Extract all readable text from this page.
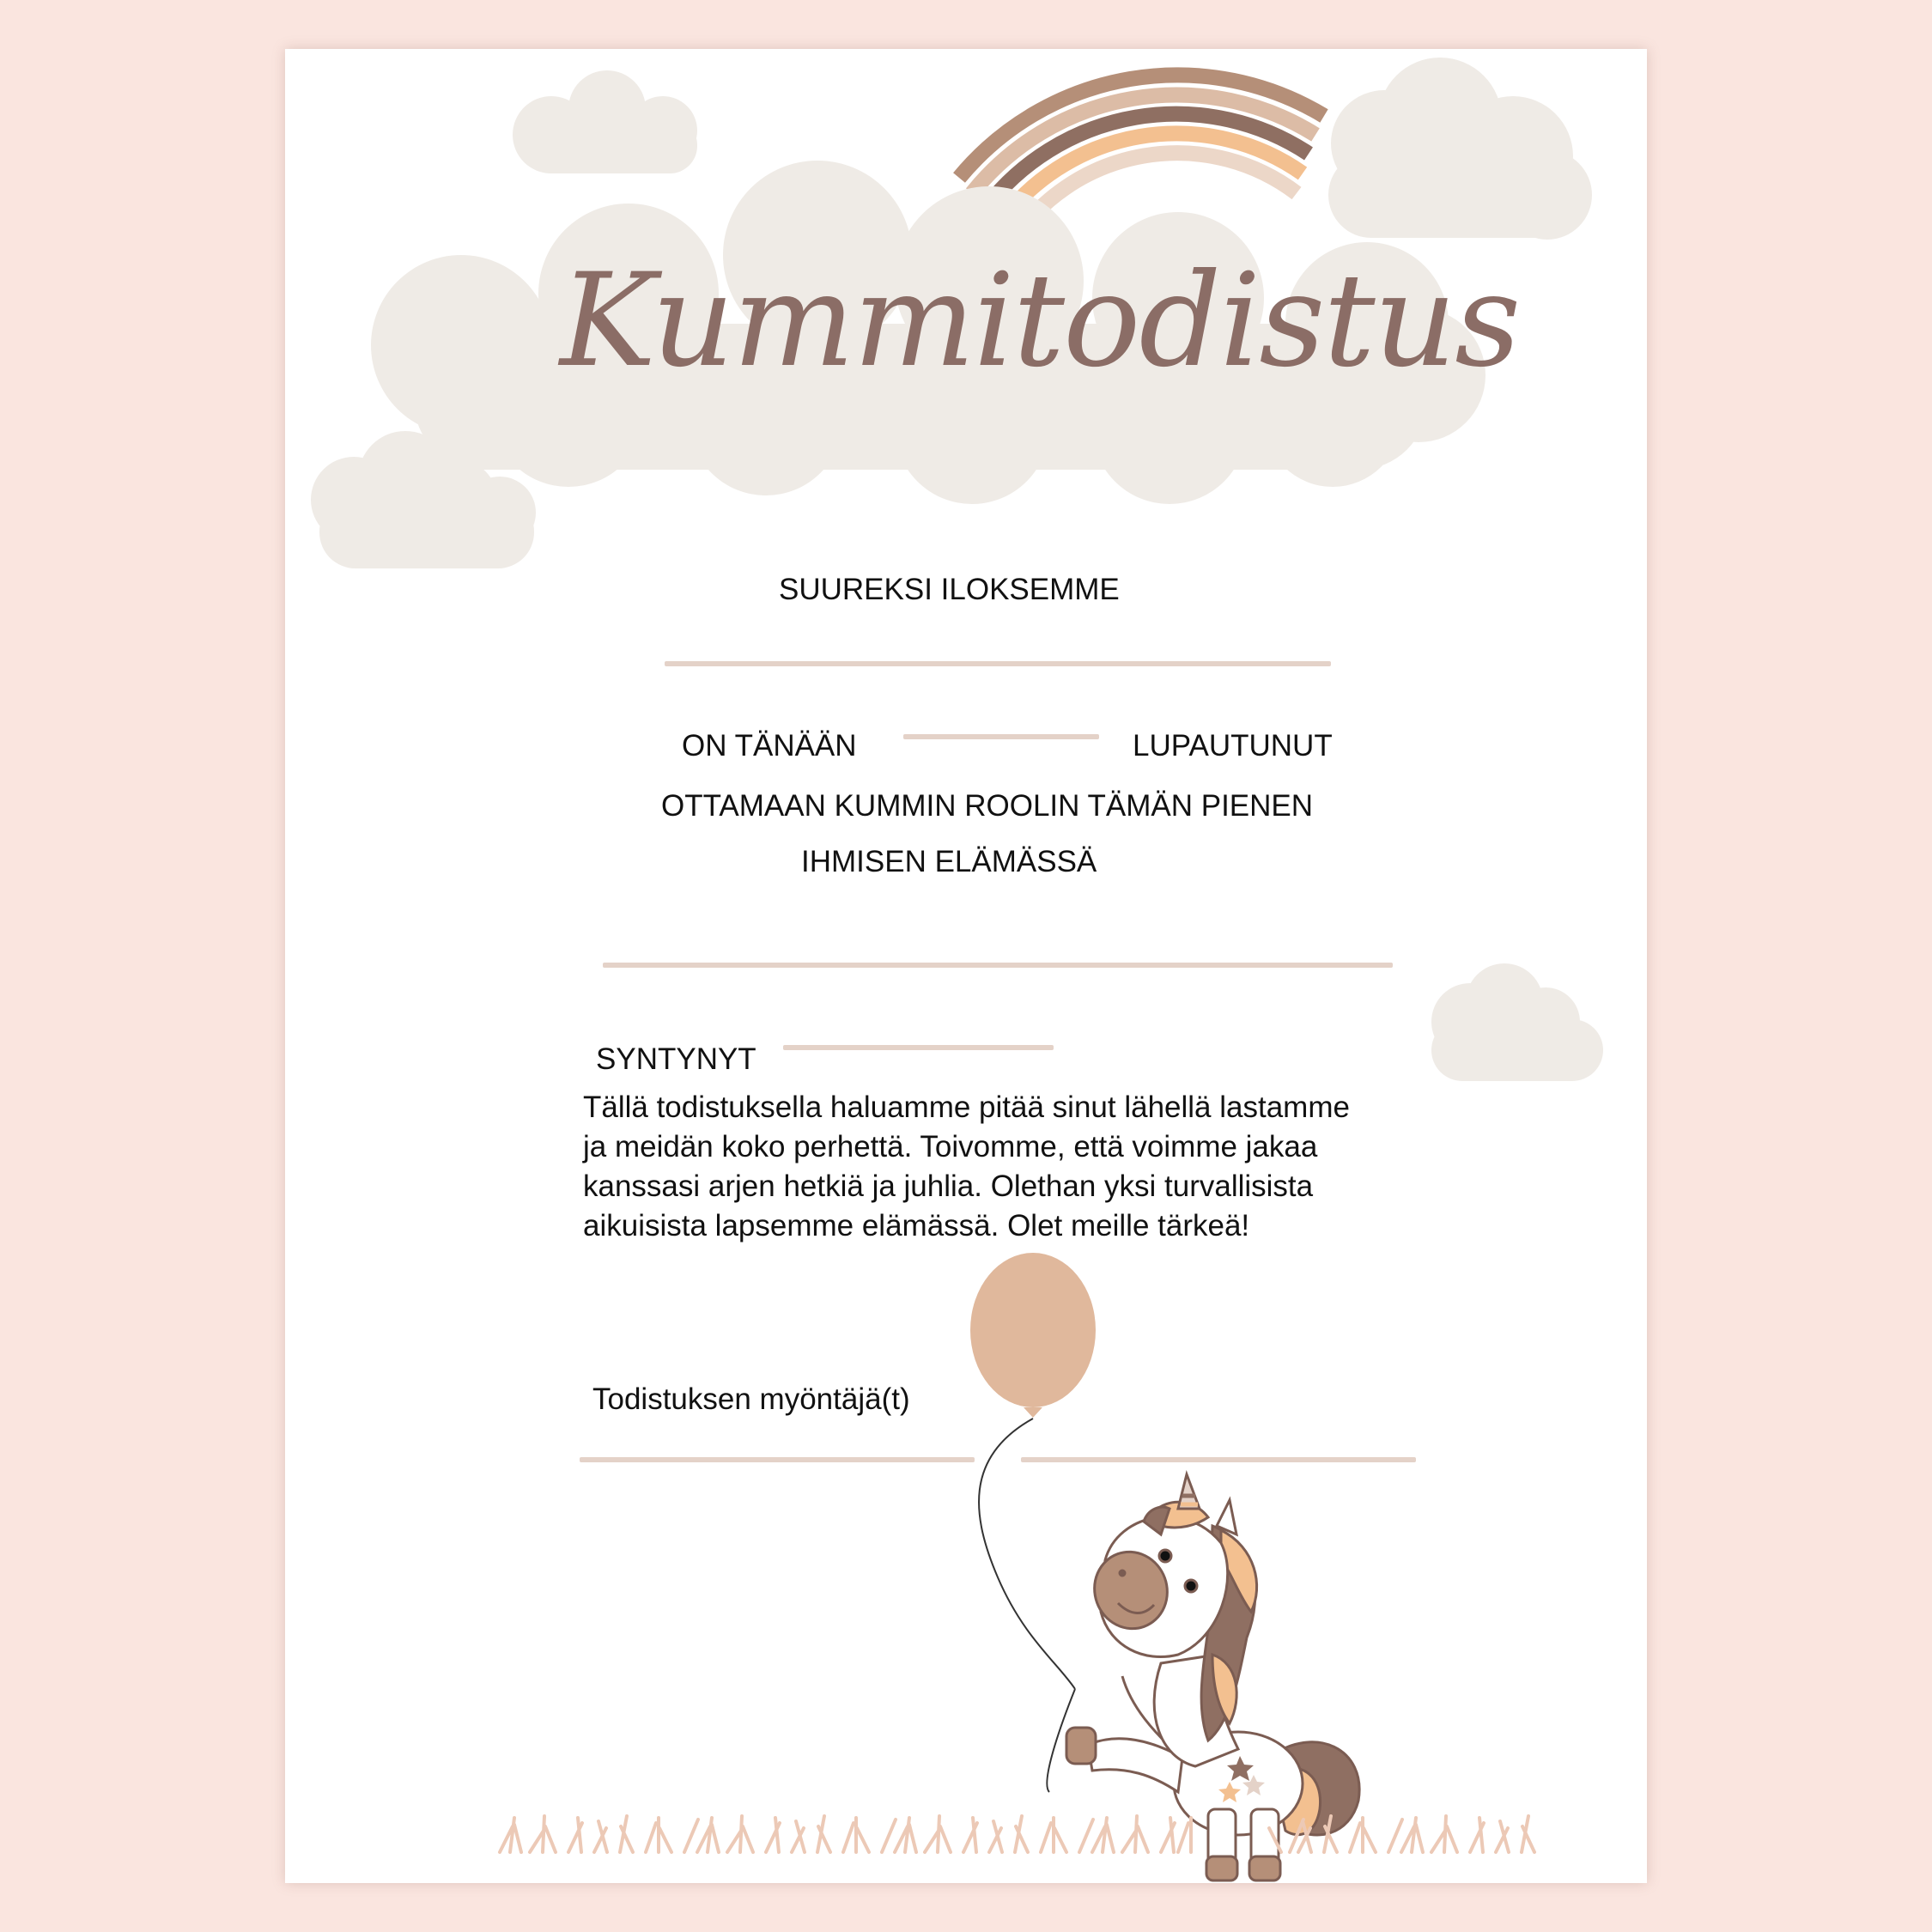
Kummitodistus
SUUREKSI ILOKSEMME
ON TÄNÄÄN	LUPAUTUNUT
OTTAMAAN KUMMIN ROOLIN TÄMÄN PIENEN
IHMISEN ELÄMÄSSÄ
SYNTYNYT
Tällä todistuksella haluamme pitää sinut lähellä lastamme
ja meidän koko perhettä. Toivomme, että voimme jakaa
kanssasi arjen hetkiä ja juhlia. Olethan yksi turvallisista
aikuisista lapsemme elämässä. Olet meille tärkeä!
Todistuksen myöntäjä(t)
